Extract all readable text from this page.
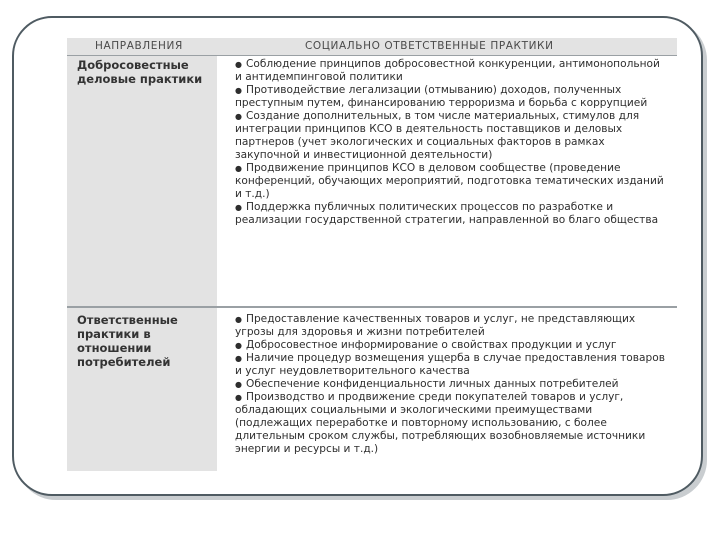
НАПРАВЛЕНИЯ	СОЦИАЛЬНО ОТВЕТСТВЕННЫЕ ПРАКТИКИ
Добросовестные деловые практики

● Соблюдение принципов добросовестной конкуренции, антимонопольной и антидемпинговой политики

● Противодействие легализации (отмыванию) доходов, полученных преступным путем, финансированию терроризма и борьба с коррупцией

● Создание дополнительных, в том числе материальных, стимулов для интеграции принципов КСО в деятельность поставщиков и деловых партнеров (учет экологических и социальных факторов в рамках закупочной и инвестиционной деятельности)

● Продвижение принципов КСО в деловом сообществе (проведение конференций, обучающих мероприятий, подготовка тематических изданий и т.д.)

● Поддержка публичных политических процессов по разработке и реализации государственной стратегии, направленной во благо общества

Ответственные практики в отношении потребителей

● Предоставление качественных товаров и услуг, не представляющих угрозы для здоровья и жизни потребителей

● Добросовестное информирование о свойствах продукции и услуг

● Наличие процедур возмещения ущерба в случае предоставления товаров и услуг неудовлетворительного качества

● Обеспечение конфиденциальности личных данных потребителей

● Производство и продвижение среди покупателей товаров и услуг, обладающих социальными и экологическими преимуществами (подлежащих переработке и повторному использованию, с более длительным сроком службы, потребляющих возобновляемые источники энергии и ресурсы и т.д.)
